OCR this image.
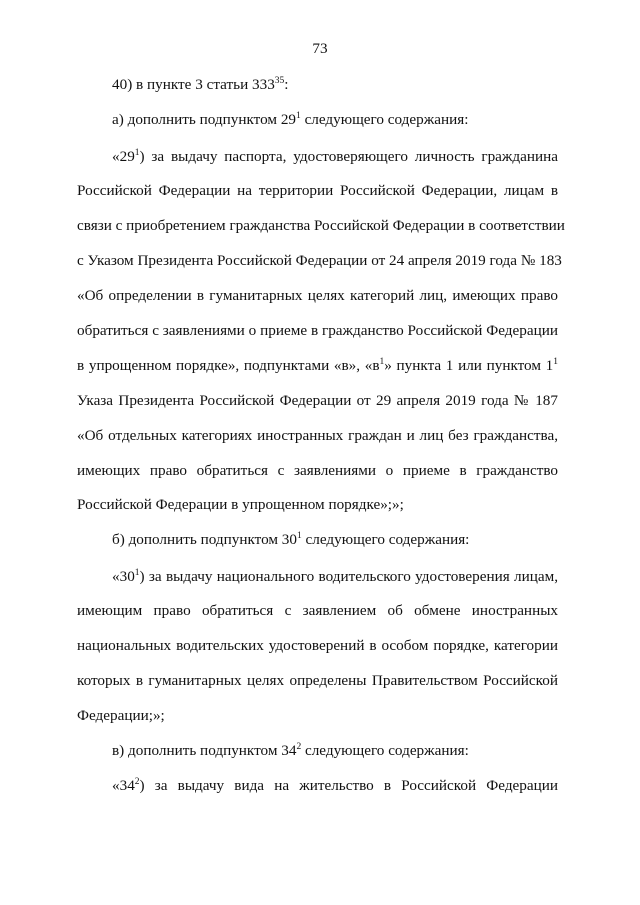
73
40) в пункте 3 статьи $333^{35}$:
а) дополнить подпунктом $29^1$ следующего содержания:
«$29^1$) за выдачу паспорта, удостоверяющего личность гражданина
Российской Федерации на территории Российской Федерации, лицам в
связи с приобретением гражданства Российской Федерации в соответствии
с Указом Президента Российской Федерации от 24 апреля 2019 года № 183
«Об определении в гуманитарных целях категорий лиц, имеющих право
обратиться с заявлениями о приеме в гражданство Российской Федерации
в упрощенном порядке», подпунктами «в», «$в^1$» пункта 1 или пунктом $1^1$
Указа Президента Российской Федерации от 29 апреля 2019 года № 187
«Об отдельных категориях иностранных граждан и лиц без гражданства,
имеющих право обратиться с заявлениями о приеме в гражданство
Российской Федерации в упрощенном порядке»;»;
б) дополнить подпунктом $30^1$ следующего содержания:
«$30^1$) за выдачу национального водительского удостоверения лицам,
имеющим право обратиться с заявлением об обмене иностранных
национальных водительских удостоверений в особом порядке, категории
которых в гуманитарных целях определены Правительством Российской
Федерации;»;
в) дополнить подпунктом $34^2$ следующего содержания:
«$34^2$) за выдачу вида на жительство в Российской Федерации
